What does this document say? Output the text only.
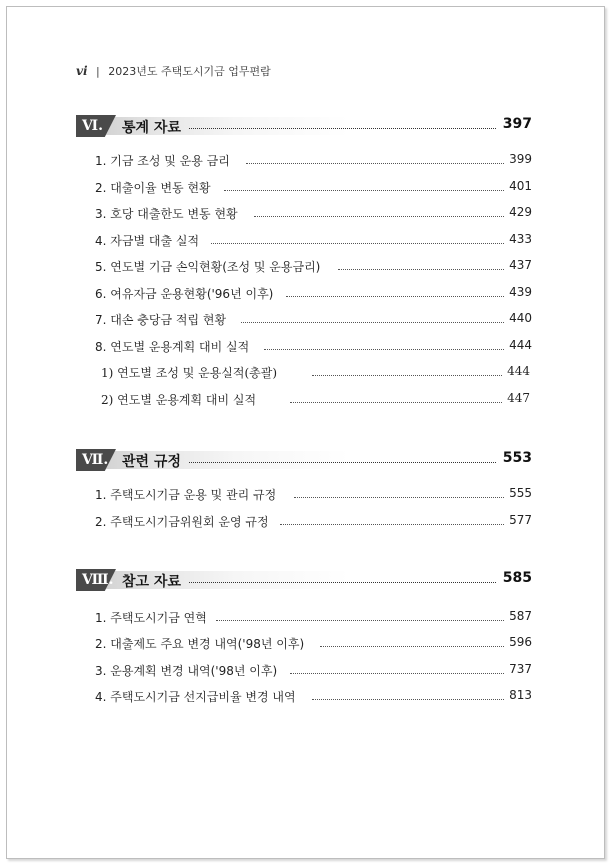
vi | 2023년도 주택도시기금 업무편람
Ⅵ. 통계 자료	397
1. 기금 조성 및 운용 금리	399
2. 대출이율 변동 현황	401
3. 호당 대출한도 변동 현황	429
4. 자금별 대출 실적	433
5. 연도별 기금 손익현황(조성 및 운용금리)	437
6. 여유자금 운용현황('96년 이후)	439
7. 대손 충당금 적립 현황	440
8. 연도별 운용계획 대비 실적	444
1) 연도별 조성 및 운용실적(총괄)	444
2) 연도별 운용계획 대비 실적	447
Ⅶ. 관련 규정	553
1. 주택도시기금 운용 및 관리 규정	555
2. 주택도시기금위원회 운영 규정	577
Ⅷ. 참고 자료	585
1. 주택도시기금 연혁	587
2. 대출제도 주요 변경 내역('98년 이후)	596
3. 운용계획 변경 내역('98년 이후)	737
4. 주택도시기금 선지급비율 변경 내역	813
